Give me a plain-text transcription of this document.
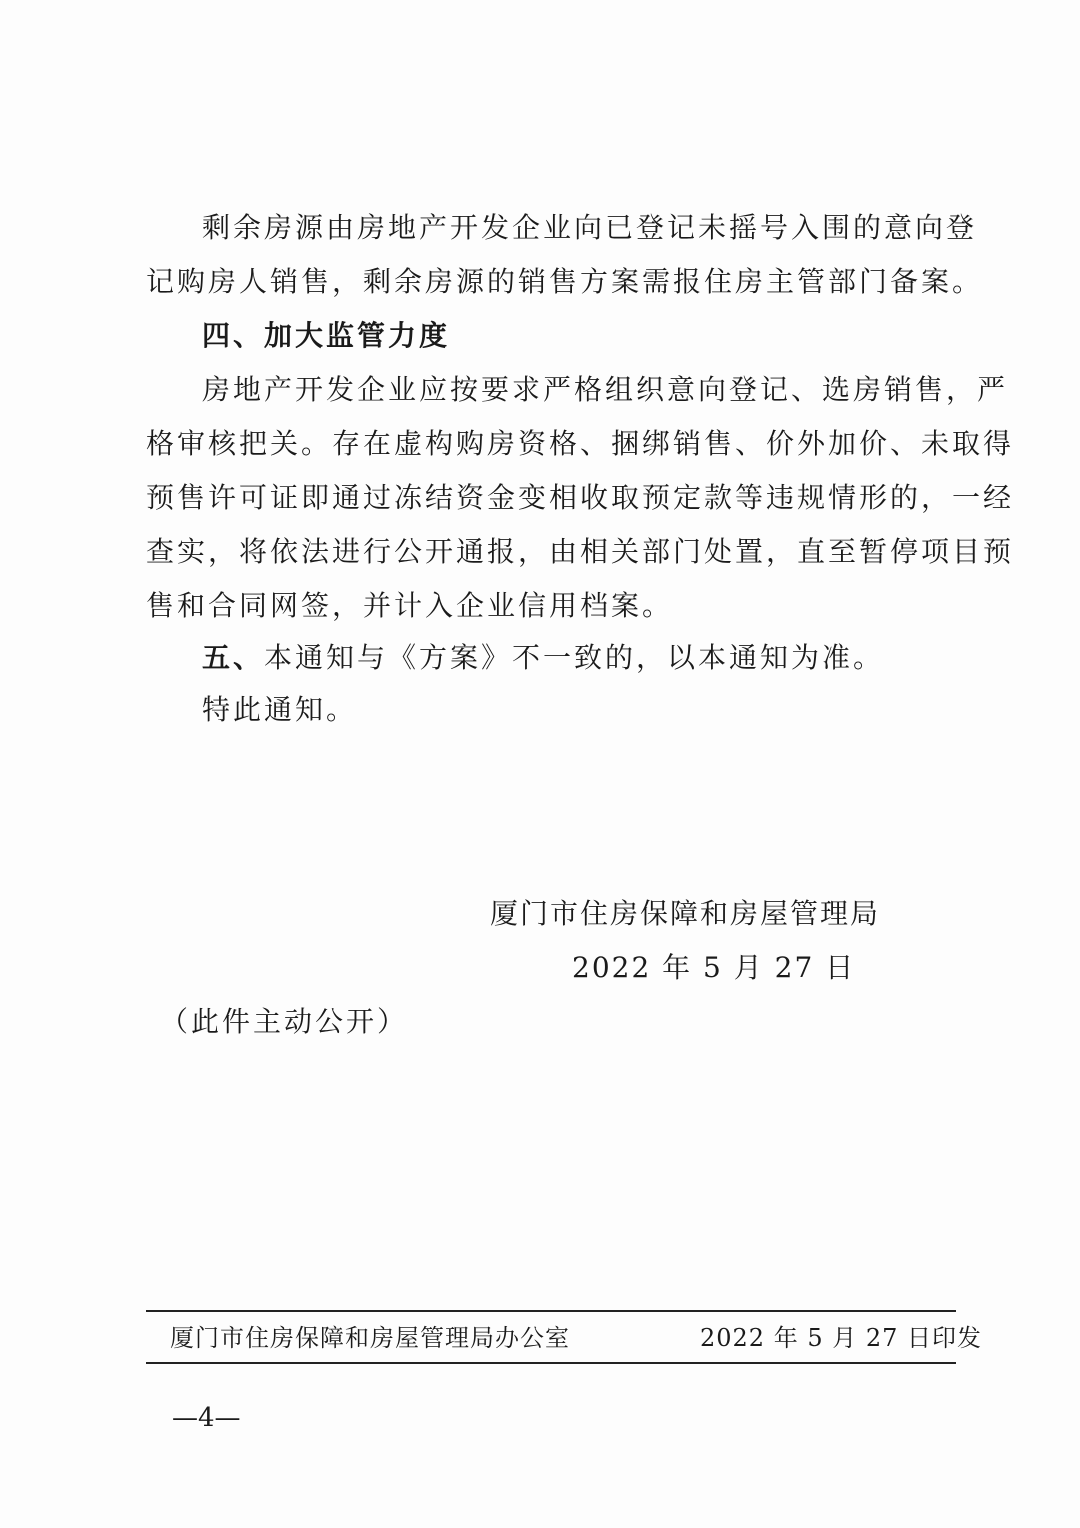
剩余房源由房地产开发企业向已登记未摇号入围的意向登
记购房人销售，剩余房源的销售方案需报住房主管部门备案。
四、加大监管力度
房地产开发企业应按要求严格组织意向登记、选房销售，严
格审核把关。存在虚构购房资格、捆绑销售、价外加价、未取得
预售许可证即通过冻结资金变相收取预定款等违规情形的，一经
查实，将依法进行公开通报，由相关部门处置，直至暂停项目预
售和合同网签，并计入企业信用档案。
五、本通知与《方案》不一致的，以本通知为准。
特此通知。
厦门市住房保障和房屋管理局
2022 年 5 月 27 日
（此件主动公开）
厦门市住房保障和房屋管理局办公室	2022 年 5 月 27 日印发
—4—
